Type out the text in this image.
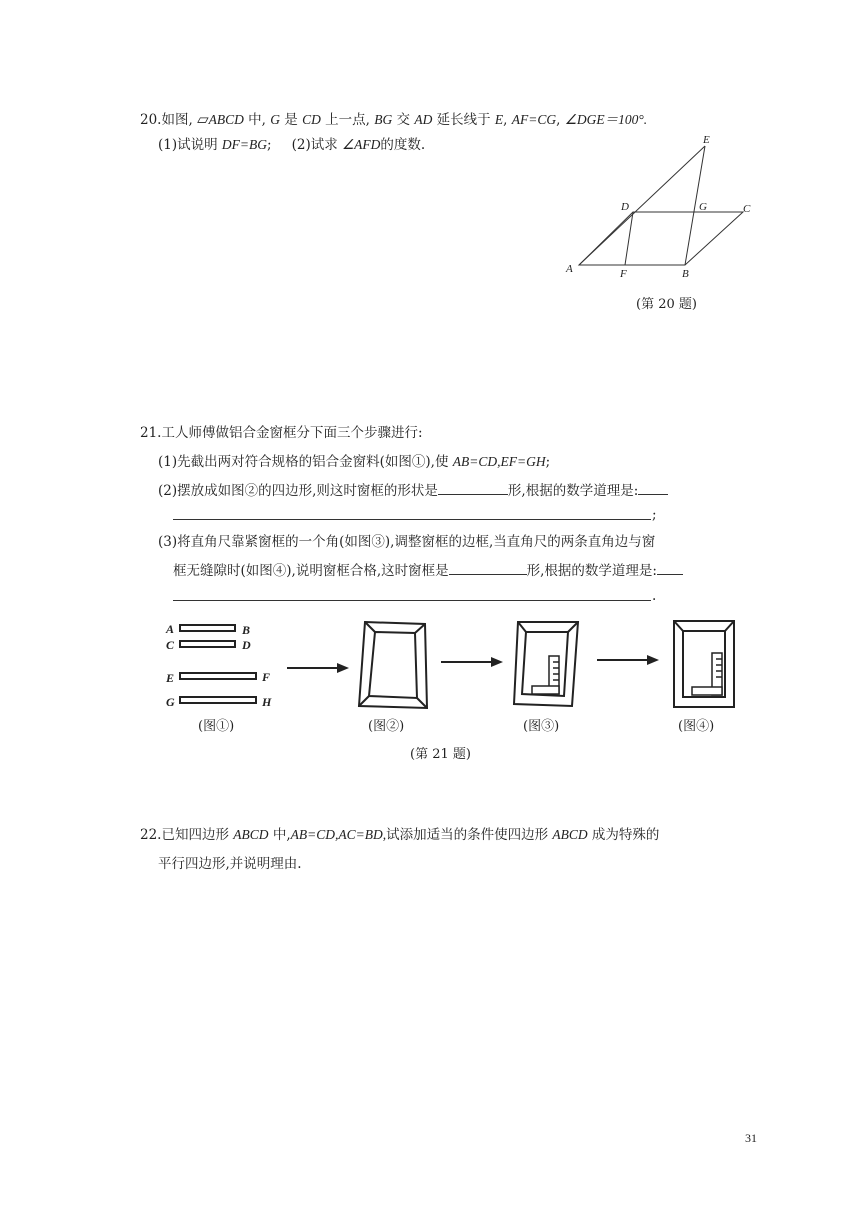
20.如图, ▱ABCD 中, G 是 CD 上一点, BG 交 AD 延长线于 E, AF=CG, ∠DGE＝100°.
(1)试说明 DF=BG; (2)试求 ∠AFD的度数.	E
D	G	C
A	F	B
(第 20 题)
21.工人师傅做铝合金窗框分下面三个步骤进行:
(1)先截出两对符合规格的铝合金窗料(如图①),使 AB=CD,EF=GH;
(2)摆放成如图②的四边形,则这时窗框的形状是	形,根据的数学道理是:
;
(3)将直角尺靠紧窗框的一个角(如图③),调整窗框的边框,当直角尺的两条直角边与窗
框无缝隙时(如图④),说明窗框合格,这时窗框是	形,根据的数学道理是:
.
A	B
C	D
E	F
G	H
(图①)	(图②)	(图③)	(图④)
(第 21 题)
22.已知四边形 ABCD 中,AB=CD,AC=BD,试添加适当的条件使四边形 ABCD 成为特殊的
平行四边形,并说明理由.
31
